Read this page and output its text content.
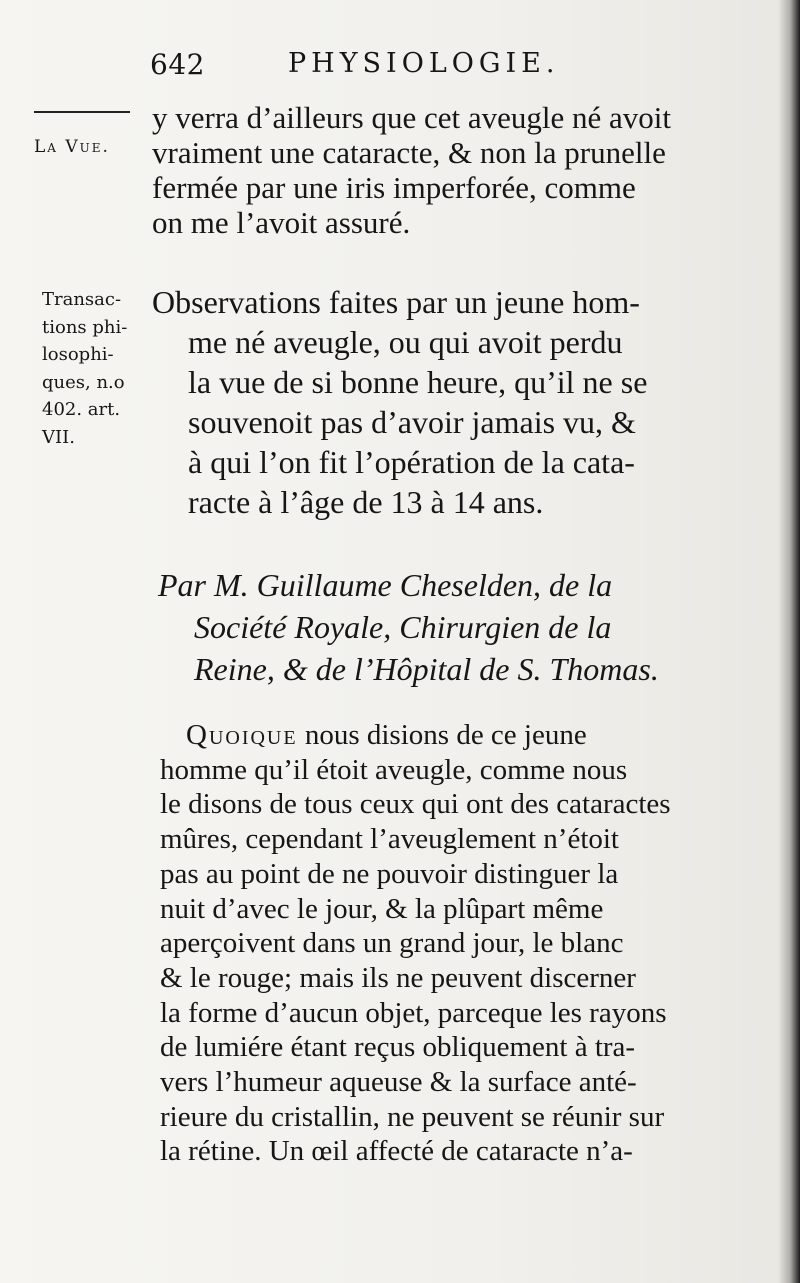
642	PHYSIOLOGIE.
La Vue.
Transac-
tions phi-
losophi-
ques, n.o
402. art.
VII.
y verra d’ailleurs que cet aveugle né avoit
vraiment une cataracte, & non la prunelle
fermée par une iris imperforée, comme
on me l’avoit assuré.
Observations faites par un jeune hom-
me né aveugle, ou qui avoit perdu
la vue de si bonne heure, qu’il ne se
souvenoit pas d’avoir jamais vu, &
à qui l’on fit l’opération de la cata-
racte à l’âge de 13 à 14 ans.
Par M. Guillaume Cheselden, de la
Société Royale, Chirurgien de la
Reine, & de l’Hôpital de S. Thomas.
Quoique nous disions de ce jeune
homme qu’il étoit aveugle, comme nous
le disons de tous ceux qui ont des cataractes
mûres, cependant l’aveuglement n’étoit
pas au point de ne pouvoir distinguer la
nuit d’avec le jour, & la plûpart même
aperçoivent dans un grand jour, le blanc
& le rouge; mais ils ne peuvent discerner
la forme d’aucun objet, parceque les rayons
de lumiére étant reçus obliquement à tra-
vers l’humeur aqueuse & la surface anté-
rieure du cristallin, ne peuvent se réunir sur
la rétine. Un œil affecté de cataracte n’a-
